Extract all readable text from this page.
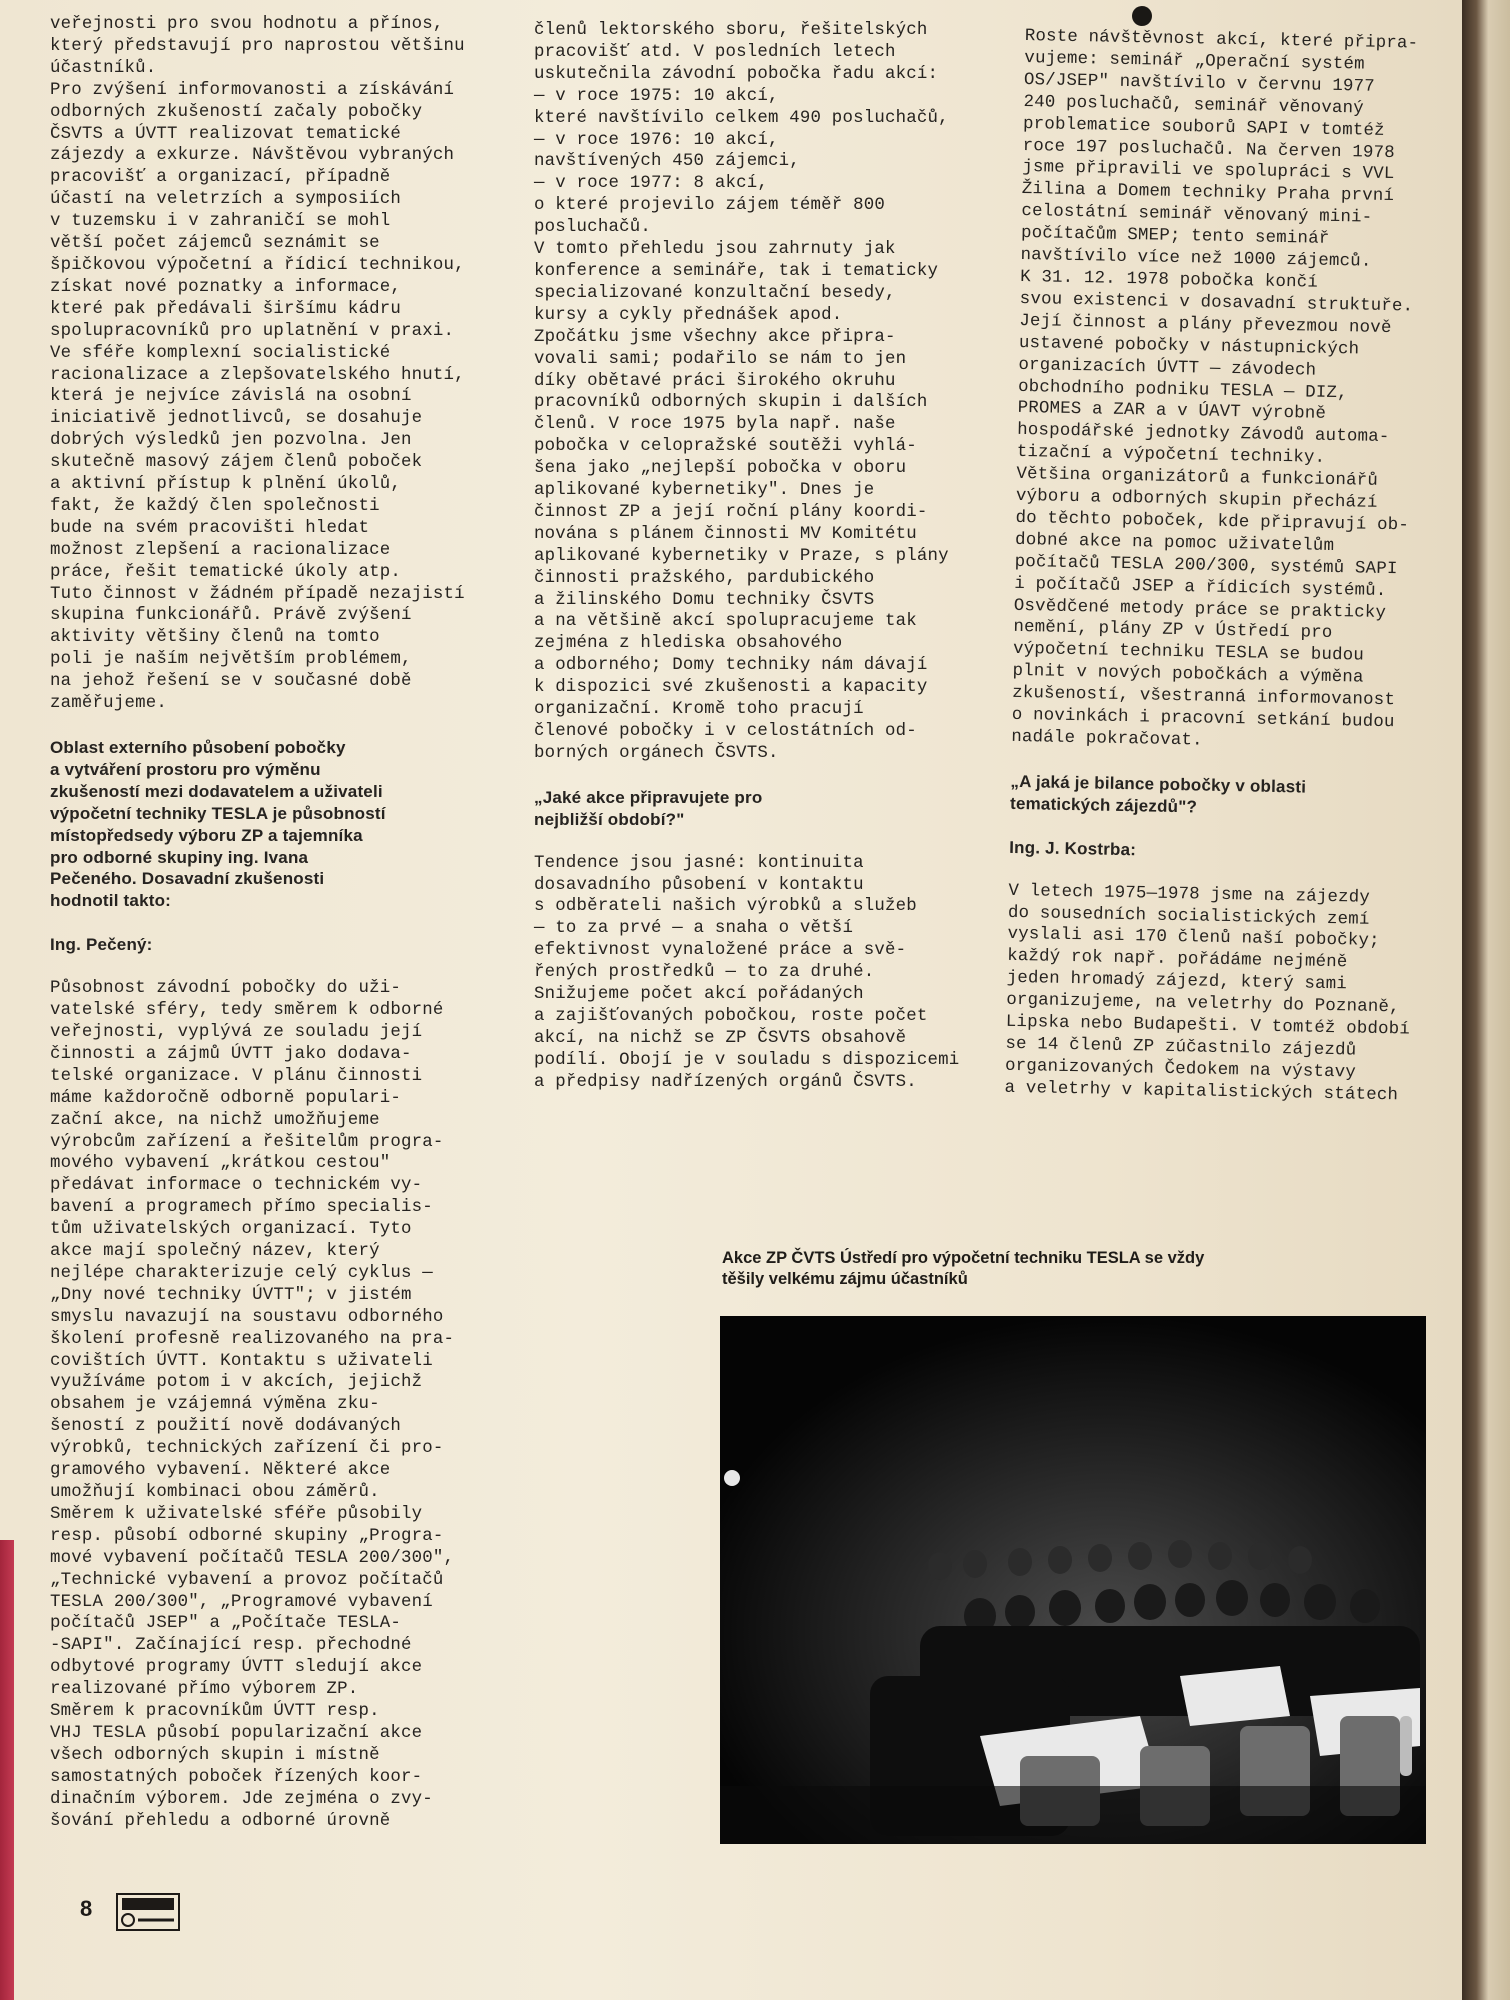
veřejnosti pro svou hodnotu a přínos,
který představují pro naprostou většinu
účastníků.
Pro zvýšení informovanosti a získávání
odborných zkušeností začaly pobočky
ČSVTS a ÚVTT realizovat tematické
zájezdy a exkurze. Návštěvou vybraných
pracovišť a organizací, případně
účastí na veletrzích a symposiích
v tuzemsku i v zahraničí se mohl
větší počet zájemců seznámit se
špičkovou výpočetní a řídicí technikou,
získat nové poznatky a informace,
které pak předávali širšímu kádru
spolupracovníků pro uplatnění v praxi.
Ve sféře komplexní socialistické
racionalizace a zlepšovatelského hnutí,
která je nejvíce závislá na osobní
iniciativě jednotlivců, se dosahuje
dobrých výsledků jen pozvolna. Jen
skutečně masový zájem členů poboček
a aktivní přístup k plnění úkolů,
fakt, že každý člen společnosti
bude na svém pracovišti hledat
možnost zlepšení a racionalizace
práce, řešit tematické úkoly atp.
Tuto činnost v žádném případě nezajistí
skupina funkcionářů. Právě zvýšení
aktivity většiny členů na tomto
poli je naším největším problémem,
na jehož řešení se v současné době
zaměřujeme.

Oblast externího působení pobočky
a vytváření prostoru pro výměnu
zkušeností mezi dodavatelem a uživateli
výpočetní techniky TESLA je působností
místopředsedy výboru ZP a tajemníka
pro odborné skupiny ing. Ivana
Pečeného. Dosavadní zkušenosti
hodnotil takto:

Ing. Pečený:

Působnost závodní pobočky do uži-
vatelské sféry, tedy směrem k odborné
veřejnosti, vyplývá ze souladu její
činnosti a zájmů ÚVTT jako dodava-
telské organizace. V plánu činnosti
máme každoročně odborně populari-
zační akce, na nichž umožňujeme
výrobcům zařízení a řešitelům progra-
mového vybavení „krátkou cestou"
předávat informace o technickém vy-
bavení a programech přímo specialis-
tům uživatelských organizací. Tyto
akce mají společný název, který
nejlépe charakterizuje celý cyklus —
„Dny nové techniky ÚVTT"; v jistém
smyslu navazují na soustavu odborného
školení profesně realizovaného na pra-
covištích ÚVTT. Kontaktu s uživateli
využíváme potom i v akcích, jejichž
obsahem je vzájemná výměna zku-
šeností z použití nově dodávaných
výrobků, technických zařízení či pro-
gramového vybavení. Některé akce
umožňují kombinaci obou záměrů.
Směrem k uživatelské sféře působily
resp. působí odborné skupiny „Progra-
mové vybavení počítačů TESLA 200/300",
„Technické vybavení a provoz počítačů
TESLA 200/300", „Programové vybavení
počítačů JSEP" a „Počítače TESLA-
-SAPI". Začínající resp. přechodné
odbytové programy ÚVTT sledují akce
realizované přímo výborem ZP.
Směrem k pracovníkům ÚVTT resp.
VHJ TESLA působí popularizační akce
všech odborných skupin i místně
samostatných poboček řízených koor-
dinačním výborem. Jde zejména o zvy-
šování přehledu a odborné úrovně

členů lektorského sboru, řešitelských
pracovišť atd. V posledních letech
uskutečnila závodní pobočka řadu akcí:
— v roce 1975: 10 akcí,
které navštívilo celkem 490 posluchačů,
— v roce 1976: 10 akcí,
navštívených 450 zájemci,
— v roce 1977: 8 akcí,
o které projevilo zájem téměř 800
posluchačů.
V tomto přehledu jsou zahrnuty jak
konference a semináře, tak i tematicky
specializované konzultační besedy,
kursy a cykly přednášek apod.
Zpočátku jsme všechny akce připra-
vovali sami; podařilo se nám to jen
díky obětavé práci širokého okruhu
pracovníků odborných skupin i dalších
členů. V roce 1975 byla např. naše
pobočka v celopražské soutěži vyhlá-
šena jako „nejlepší pobočka v oboru
aplikované kybernetiky". Dnes je
činnost ZP a její roční plány koordi-
nována s plánem činnosti MV Komitétu
aplikované kybernetiky v Praze, s plány
činnosti pražského, pardubického
a žilinského Domu techniky ČSVTS
a na většině akcí spolupracujeme tak
zejména z hlediska obsahového
a odborného; Domy techniky nám dávají
k dispozici své zkušenosti a kapacity
organizační. Kromě toho pracují
členové pobočky i v celostátních od-
borných orgánech ČSVTS.

„Jaké akce připravujete pro
nejbližší období?"

Tendence jsou jasné: kontinuita
dosavadního působení v kontaktu
s odběrateli našich výrobků a služeb
— to za prvé — a snaha o větší
efektivnost vynaložené práce a svě-
řených prostředků — to za druhé.
Snižujeme počet akcí pořádaných
a zajišťovaných pobočkou, roste počet
akcí, na nichž se ZP ČSVTS obsahově
podílí. Obojí je v souladu s dispozicemi
a předpisy nadřízených orgánů ČSVTS.

Roste návštěvnost akcí, které připra-
vujeme: seminář „Operační systém
OS/JSEP" navštívilo v červnu 1977
240 posluchačů, seminář věnovaný
problematice souborů SAPI v tomtéž
roce 197 posluchačů. Na červen 1978
jsme připravili ve spolupráci s VVL
Žilina a Domem techniky Praha první
celostátní seminář věnovaný mini-
počítačům SMEP; tento seminář
navštívilo více než 1000 zájemců.
K 31. 12. 1978 pobočka končí
svou existenci v dosavadní struktuře.
Její činnost a plány převezmou nově
ustavené pobočky v nástupnických
organizacích ÚVTT — závodech
obchodního podniku TESLA — DIZ,
PROMES a ZAR a v ÚAVT výrobně
hospodářské jednotky Závodů automa-
tizační a výpočetní techniky.
Většina organizátorů a funkcionářů
výboru a odborných skupin přechází
do těchto poboček, kde připravují ob-
dobné akce na pomoc uživatelům
počítačů TESLA 200/300, systémů SAPI
i počítačů JSEP a řídicích systémů.
Osvědčené metody práce se prakticky
nemění, plány ZP v Ústředí pro
výpočetní techniku TESLA se budou
plnit v nových pobočkách a výměna
zkušeností, všestranná informovanost
o novinkách i pracovní setkání budou
nadále pokračovat.

„A jaká je bilance pobočky v oblasti
tematických zájezdů"?

Ing. J. Kostrba:

V letech 1975—1978 jsme na zájezdy
do sousedních socialistických zemí
vyslali asi 170 členů naší pobočky;
každý rok např. pořádáme nejméně
jeden hromadý zájezd, který sami
organizujeme, na veletrhy do Poznaně,
Lipska nebo Budapešti. V tomtéž období
se 14 členů ZP zúčastnilo zájezdů
organizovaných Čedokem na výstavy
a veletrhy v kapitalistických státech

Akce ZP ČVTS Ústředí pro výpočetní techniku TESLA se vždy
těšily velkému zájmu účastníků
8
